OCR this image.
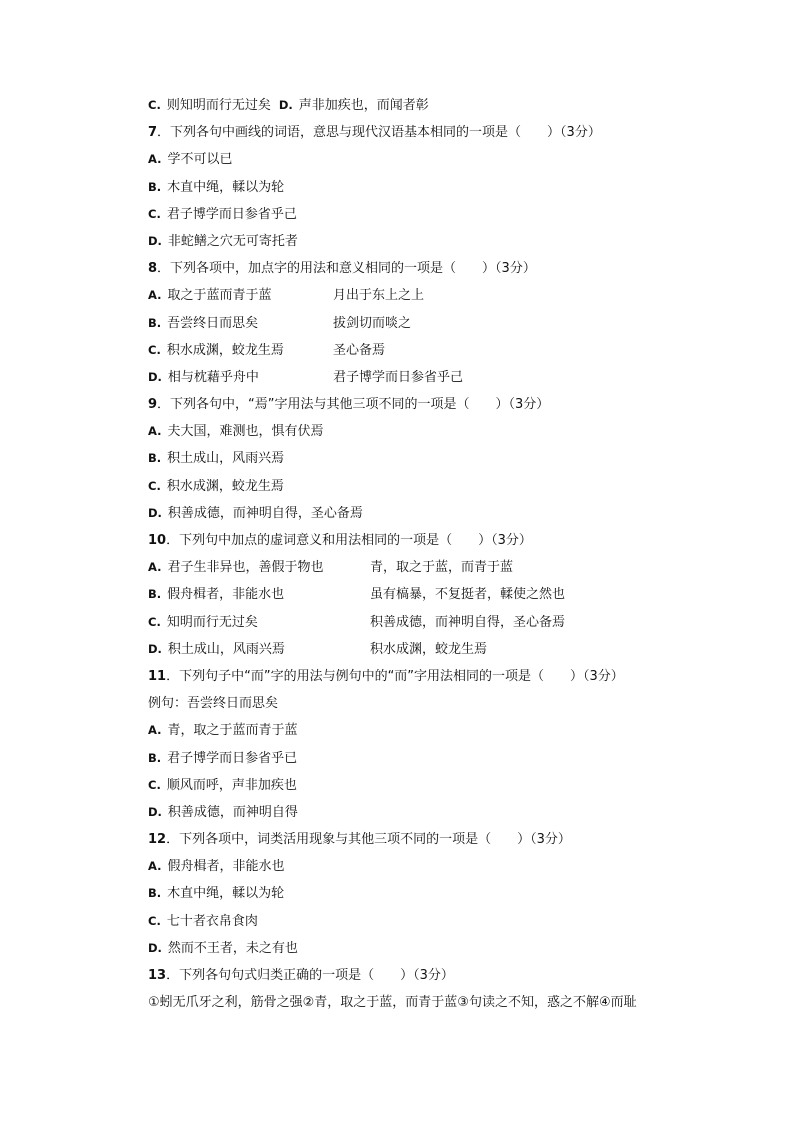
C. 则知明而行无过矣 D. 声非加疾也，而闻者彰
7．下列各句中画线的词语，意思与现代汉语基本相同的一项是（　　）（3分）
A. 学不可以已
B. 木直中绳，輮以为轮
C. 君子博学而日参省乎己
D. 非蛇鳝之穴无可寄托者
8．下列各项中，加点字的用法和意义相同的一项是（　　）（3分）
A. 取之于蓝而青于蓝	月出于东上之上
B. 吾尝终日而思矣	拔剑切而啖之
C. 积水成渊，蛟龙生焉	圣心备焉
D. 相与枕藉乎舟中	君子博学而日参省乎己
9．下列各句中，“焉”字用法与其他三项不同的一项是（　　）（3分）
A. 夫大国，难测也，惧有伏焉
B. 积土成山，风雨兴焉
C. 积水成渊，蛟龙生焉
D. 积善成德，而神明自得，圣心备焉
10．下列句中加点的虚词意义和用法相同的一项是（　　）（3分）
A. 君子生非异也，善假于物也	青，取之于蓝，而青于蓝
B. 假舟楫者，非能水也	虽有槁暴，不复挺者，輮使之然也
C. 知明而行无过矣	积善成德，而神明自得，圣心备焉
D. 积土成山，风雨兴焉	积水成渊，蛟龙生焉
11．下列句子中“而”字的用法与例句中的“而”字用法相同的一项是（　　）（3分）
例句：吾尝终日而思矣
A. 青，取之于蓝而青于蓝
B. 君子博学而日参省乎已
C. 顺风而呼，声非加疾也
D. 积善成德，而神明自得
12．下列各项中，词类活用现象与其他三项不同的一项是（　　）（3分）
A. 假舟楫者，非能水也
B. 木直中绳，輮以为轮
C. 七十者衣帛食肉
D. 然而不王者，未之有也
13．下列各句句式归类正确的一项是（　　）（3分）
①蚓无爪牙之利，筋骨之强②青，取之于蓝，而青于蓝③句读之不知，惑之不解④而耻
